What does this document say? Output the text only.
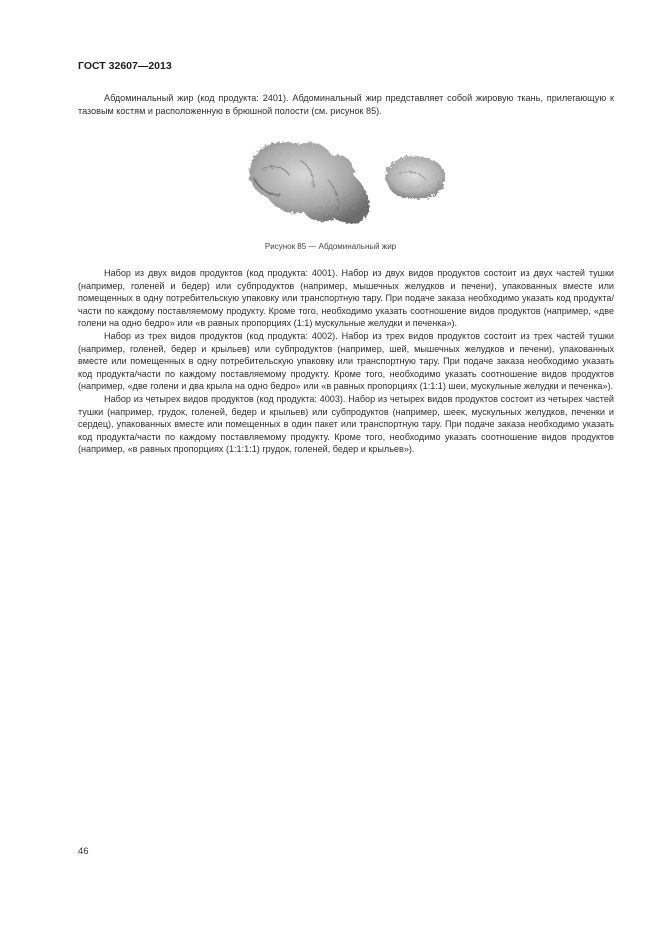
ГОСТ 32607—2013

Абдоминальный жир (код продукта: 2401). Абдоминальный жир представляет собой жировую ткань, прилегающую к тазовым костям и расположенную в брюшной полости (см. рисунок 85).

Рисунок 85 — Абдоминальный жир

Набор из двух видов продуктов (код продукта: 4001). Набор из двух видов продуктов состоит из двух частей тушки (например, голеней и бедер) или субпродуктов (например, мышечных желудков и печени), упакованных вместе или помещенных в одну потребительскую упаковку или транспортную тару. При подаче заказа необходимо указать код продукта/части по каждому поставляемому продукту. Кроме того, необходимо указать соотношение видов продуктов (например, «две голени на одно бедро» или «в равных пропорциях (1:1) мускульные желудки и печенка»).

Набор из трех видов продуктов (код продукта: 4002). Набор из трех видов продуктов состоит из трех частей тушки (например, голеней, бедер и крыльев) или субпродуктов (например, шей, мышечных желудков и печени), упакованных вместе или помещенных в одну потребительскую упаковку или транспортную тару. При подаче заказа необходимо указать код продукта/части по каждому поставляемому продукту. Кроме того, необходимо указать соотношение видов продуктов (например, «две голени и два крыла на одно бедро» или «в равных пропорциях (1:1:1) шеи, мускульные желудки и печенка»).

Набор из четырех видов продуктов (код продукта: 4003). Набор из четырех видов продуктов состоит из четырех частей тушки (например, грудок, голеней, бедер и крыльев) или субпродуктов (например, шеек, мускульных желудков, печенки и сердец), упакованных вместе или помещенных в один пакет или транспортную тару. При подаче заказа необходимо указать код продукта/части по каждому поставляемому продукту. Кроме того, необходимо указать соотношение видов продуктов (например, «в равных пропорциях (1:1:1:1) грудок, голеней, бедер и крыльев»).

46
